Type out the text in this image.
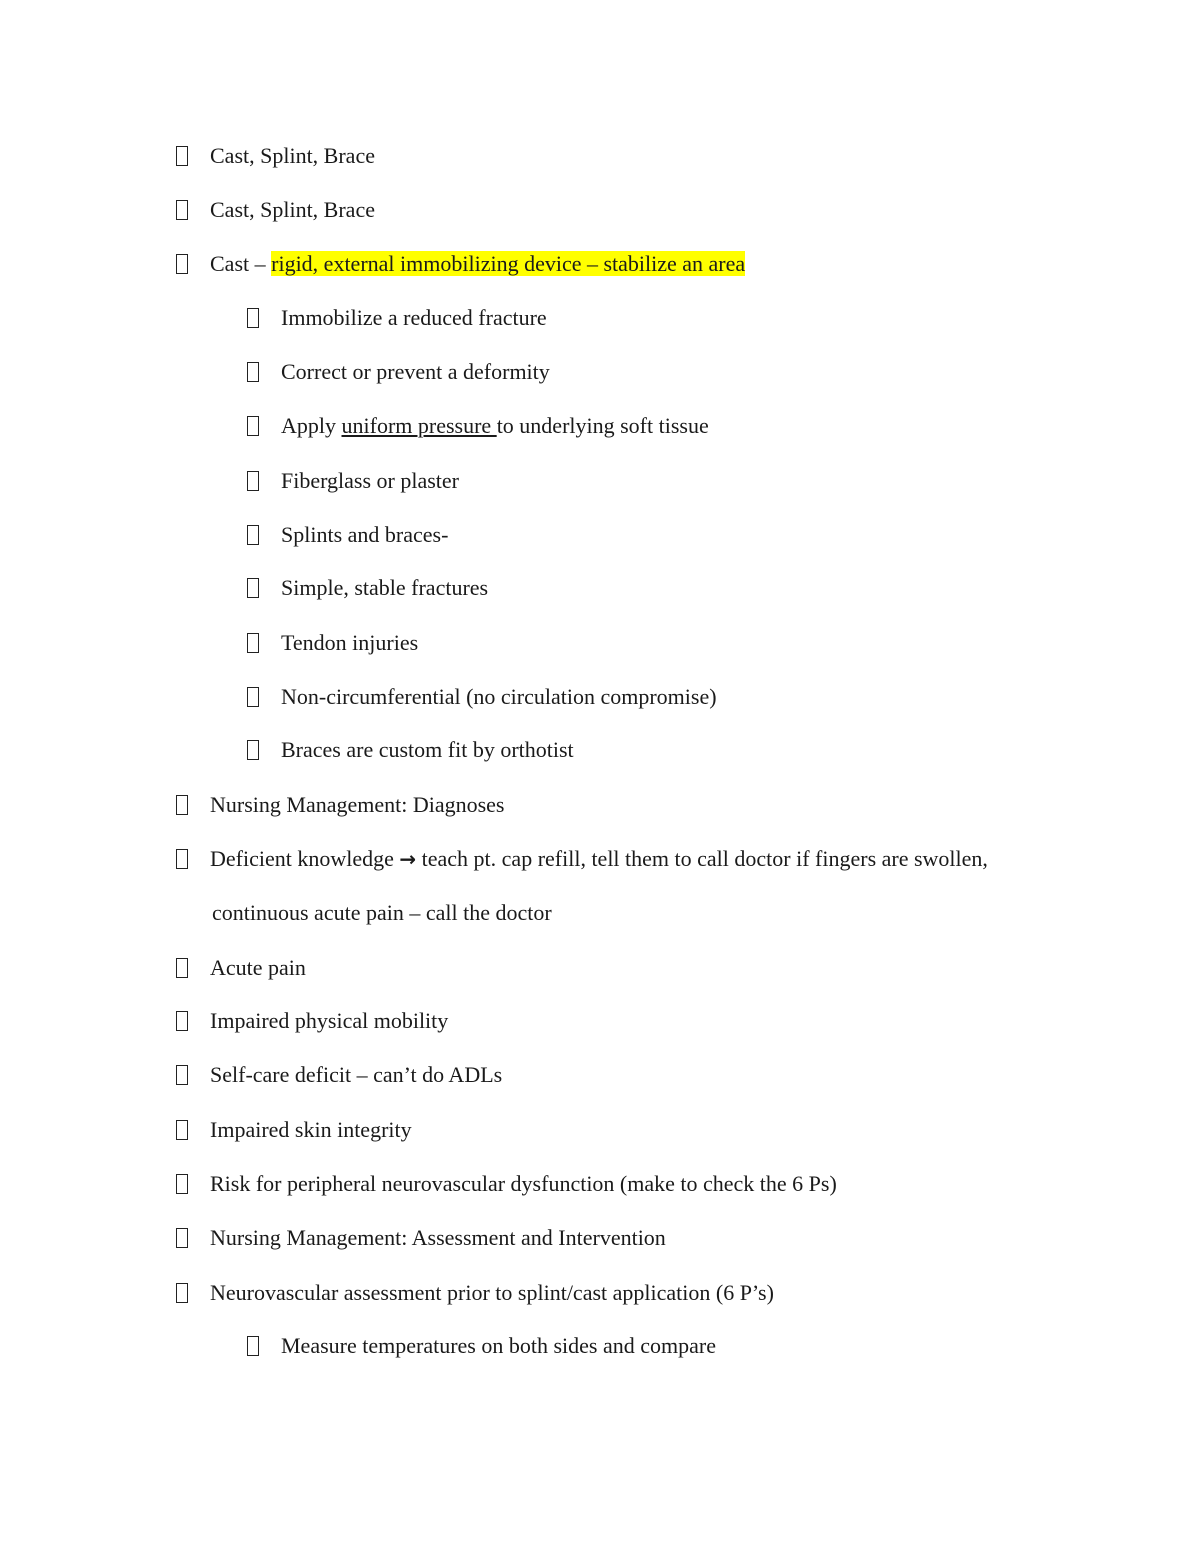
Cast, Splint, Brace
Cast, Splint, Brace
Cast – rigid, external immobilizing device – stabilize an area
Immobilize a reduced fracture
Correct or prevent a deformity
Apply uniform pressure to underlying soft tissue
Fiberglass or plaster
Splints and braces-
Simple, stable fractures
Tendon injuries
Non-circumferential (no circulation compromise)
Braces are custom fit by orthotist
Nursing Management: Diagnoses
Deficient knowledge → teach pt. cap refill, tell them to call doctor if fingers are swollen,
continuous acute pain – call the doctor
Acute pain
Impaired physical mobility
Self-care deficit – can’t do ADLs
Impaired skin integrity
Risk for peripheral neurovascular dysfunction (make to check the 6 Ps)
Nursing Management: Assessment and Intervention
Neurovascular assessment prior to splint/cast application (6 P’s)
Measure temperatures on both sides and compare
